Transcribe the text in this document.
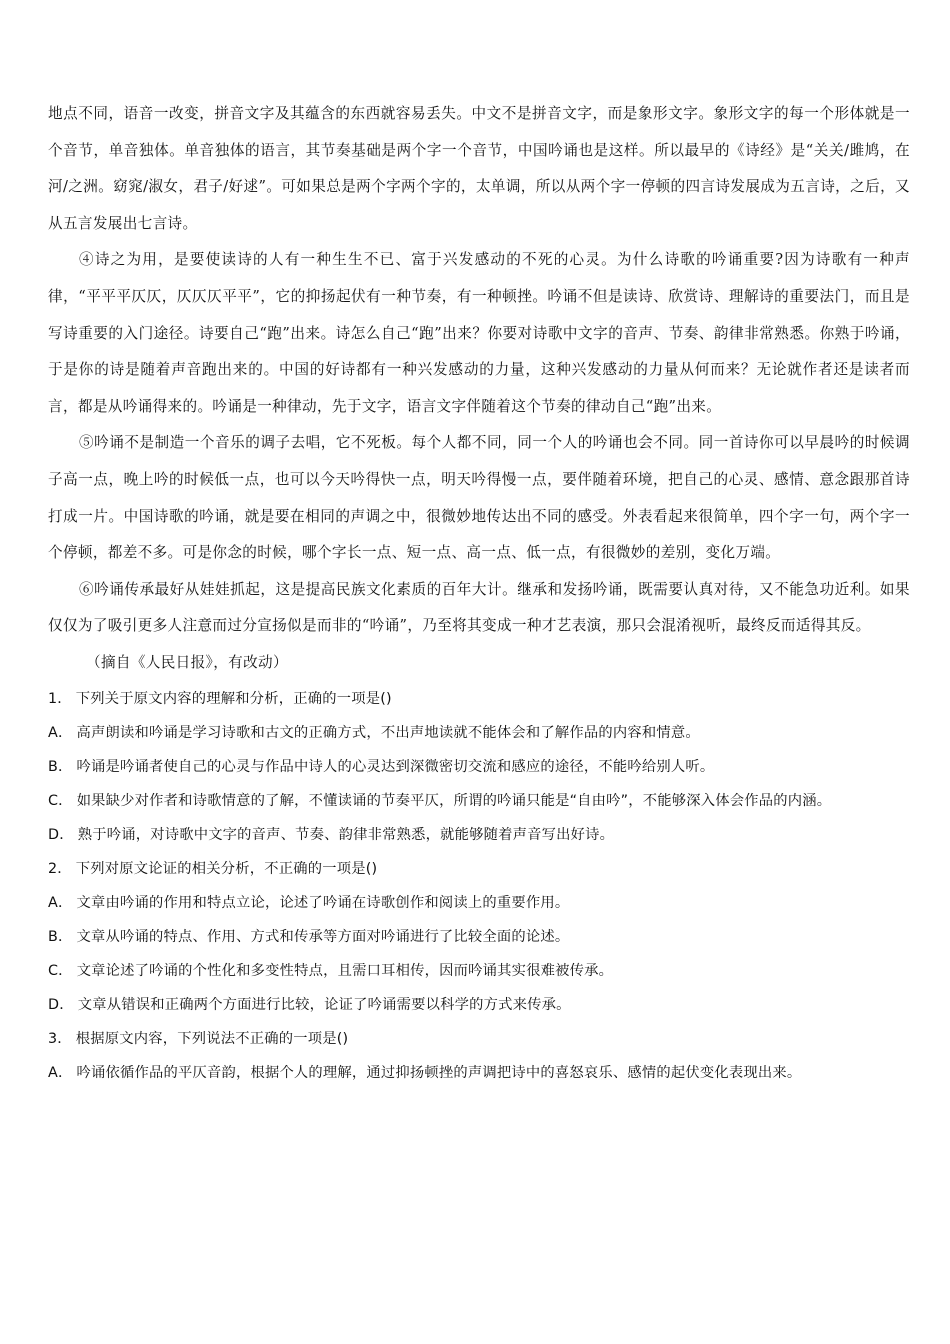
地点不同，语音一改变，拼音文字及其蕴含的东西就容易丢失。中文不是拼音文字，而是象形文字。象形文字的每一个形体就是一个音节，单音独体。单音独体的语言，其节奏基础是两个字一个音节，中国吟诵也是这样。所以最早的《诗经》是“关关/雎鸠，在河/之洲。窈窕/淑女，君子/好逑”。可如果总是两个字两个字的，太单调，所以从两个字一停顿的四言诗发展成为五言诗，之后，又从五言发展出七言诗。

④诗之为用，是要使读诗的人有一种生生不已、富于兴发感动的不死的心灵。为什么诗歌的吟诵重要?因为诗歌有一种声律，“平平平仄仄，仄仄仄平平”，它的抑扬起伏有一种节奏，有一种顿挫。吟诵不但是读诗、欣赏诗、理解诗的重要法门，而且是写诗重要的入门途径。诗要自己“跑”出来。诗怎么自己“跑”出来？你要对诗歌中文字的音声、节奏、韵律非常熟悉。你熟于吟诵，于是你的诗是随着声音跑出来的。中国的好诗都有一种兴发感动的力量，这种兴发感动的力量从何而来？无论就作者还是读者而言，都是从吟诵得来的。吟诵是一种律动，先于文字，语言文字伴随着这个节奏的律动自己“跑”出来。

⑤吟诵不是制造一个音乐的调子去唱，它不死板。每个人都不同，同一个人的吟诵也会不同。同一首诗你可以早晨吟的时候调子高一点，晚上吟的时候低一点，也可以今天吟得快一点，明天吟得慢一点，要伴随着环境，把自己的心灵、感情、意念跟那首诗打成一片。中国诗歌的吟诵，就是要在相同的声调之中，很微妙地传达出不同的感受。外表看起来很简单，四个字一句，两个字一个停顿，都差不多。可是你念的时候，哪个字长一点、短一点、高一点、低一点，有很微妙的差别，变化万端。

⑥吟诵传承最好从娃娃抓起，这是提高民族文化素质的百年大计。继承和发扬吟诵，既需要认真对待，又不能急功近利。如果仅仅为了吸引更多人注意而过分宣扬似是而非的“吟诵”，乃至将其变成一种才艺表演，那只会混淆视听，最终反而适得其反。

（摘自《人民日报》，有改动）

1． 下列关于原文内容的理解和分析，正确的一项是()

A． 高声朗读和吟诵是学习诗歌和古文的正确方式，不出声地读就不能体会和了解作品的内容和情意。

B． 吟诵是吟诵者使自己的心灵与作品中诗人的心灵达到深微密切交流和感应的途径，不能吟给别人听。

C． 如果缺少对作者和诗歌情意的了解，不懂读诵的节奏平仄，所谓的吟诵只能是“自由吟”，不能够深入体会作品的内涵。

D． 熟于吟诵，对诗歌中文字的音声、节奏、韵律非常熟悉，就能够随着声音写出好诗。

2． 下列对原文论证的相关分析，不正确的一项是()

A． 文章由吟诵的作用和特点立论，论述了吟诵在诗歌创作和阅读上的重要作用。

B． 文章从吟诵的特点、作用、方式和传承等方面对吟诵进行了比较全面的论述。

C． 文章论述了吟诵的个性化和多变性特点，且需口耳相传，因而吟诵其实很难被传承。

D． 文章从错误和正确两个方面进行比较，论证了吟诵需要以科学的方式来传承。

3． 根据原文内容，下列说法不正确的一项是()

A． 吟诵依循作品的平仄音韵，根据个人的理解，通过抑扬顿挫的声调把诗中的喜怒哀乐、感情的起伏变化表现出来。
